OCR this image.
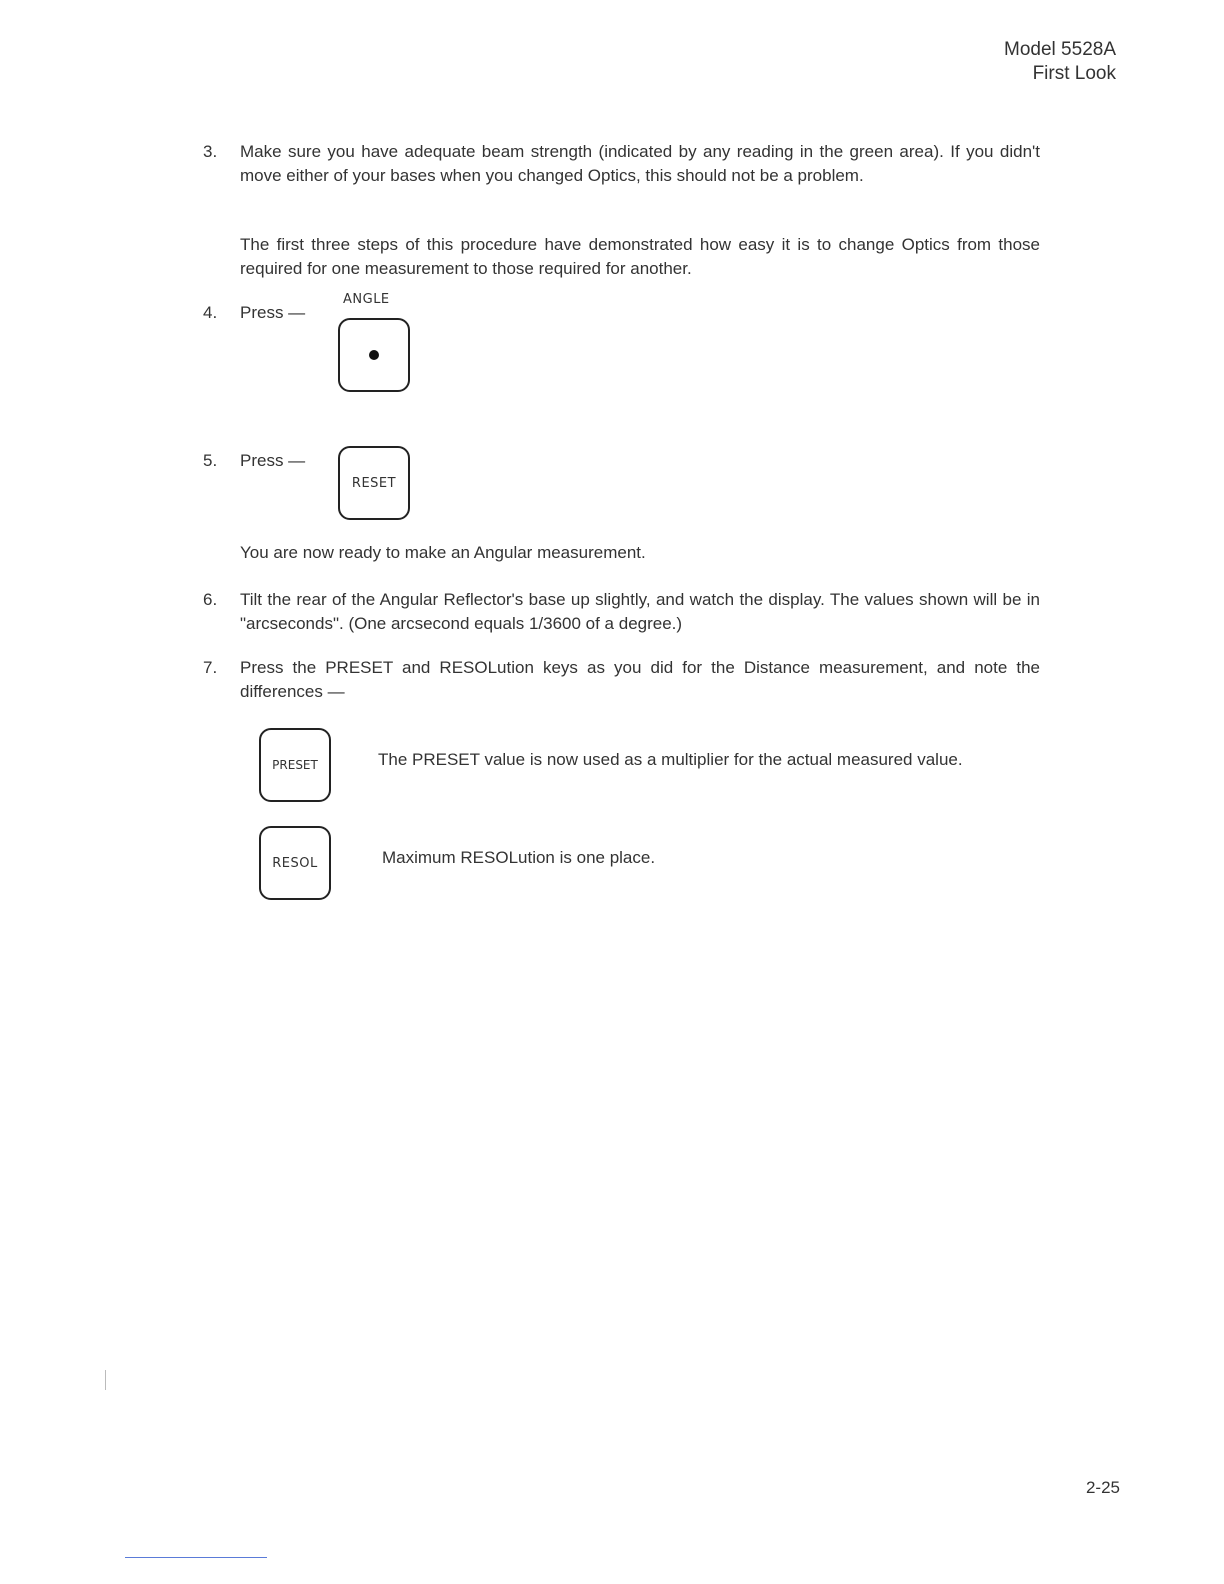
Model 5528A
First Look
3. Make sure you have adequate beam strength (indicated by any reading in the green area). If you didn't move either of your bases when you changed Optics, this should not be a problem.
The first three steps of this procedure have demonstrated how easy it is to change Optics from those required for one measurement to those required for another.
4. Press —
ANGLE
5. Press —
RESET
You are now ready to make an Angular measurement.
6. Tilt the rear of the Angular Reflector's base up slightly, and watch the display. The values shown will be in "arcseconds". (One arcsecond equals 1/3600 of a degree.)
7. Press the PRESET and RESOLution keys as you did for the Distance measurement, and note the differences —
PRESET	The PRESET value is now used as a multiplier for the actual measured value.
RESOL	Maximum RESOLution is one place.
2-25
